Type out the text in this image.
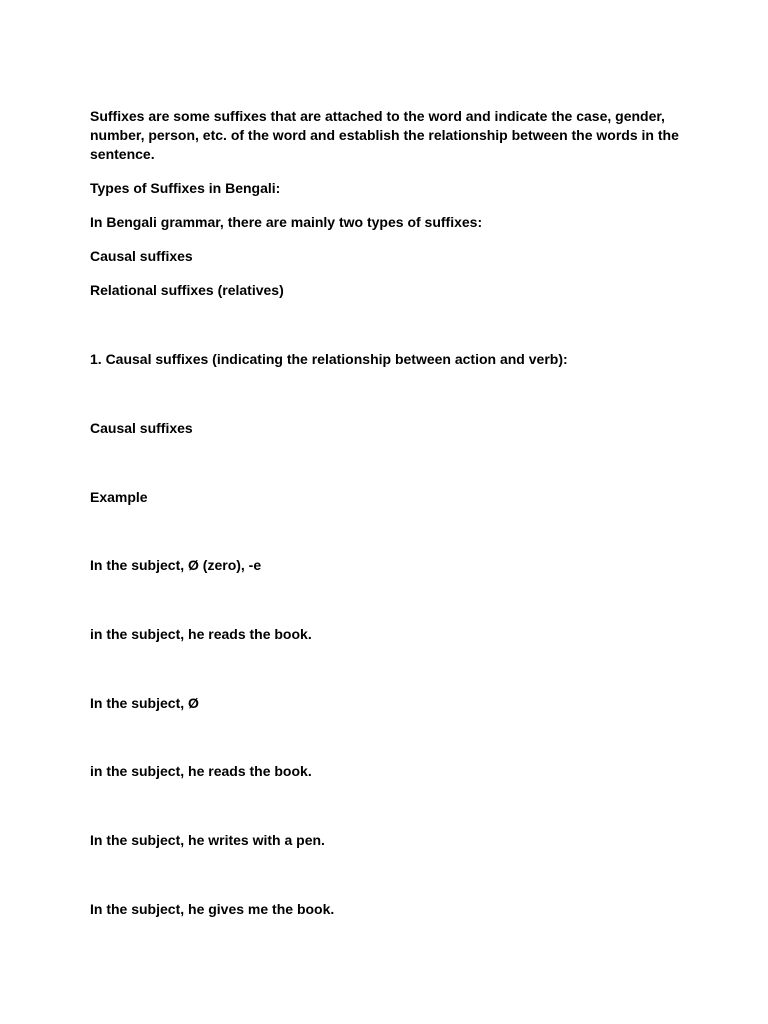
Suffixes are some suffixes that are attached to the word and indicate the case, gender, number, person, etc. of the word and establish the relationship between the words in the sentence.

Types of Suffixes in Bengali:

In Bengali grammar, there are mainly two types of suffixes:

Causal suffixes

Relational suffixes (relatives)

1. Causal suffixes (indicating the relationship between action and verb):

Causal suffixes

Example

In the subject, Ø (zero), -e

in the subject, he reads the book.

In the subject, Ø

in the subject, he reads the book.

In the subject, he writes with a pen.

In the subject, he gives me the book.
